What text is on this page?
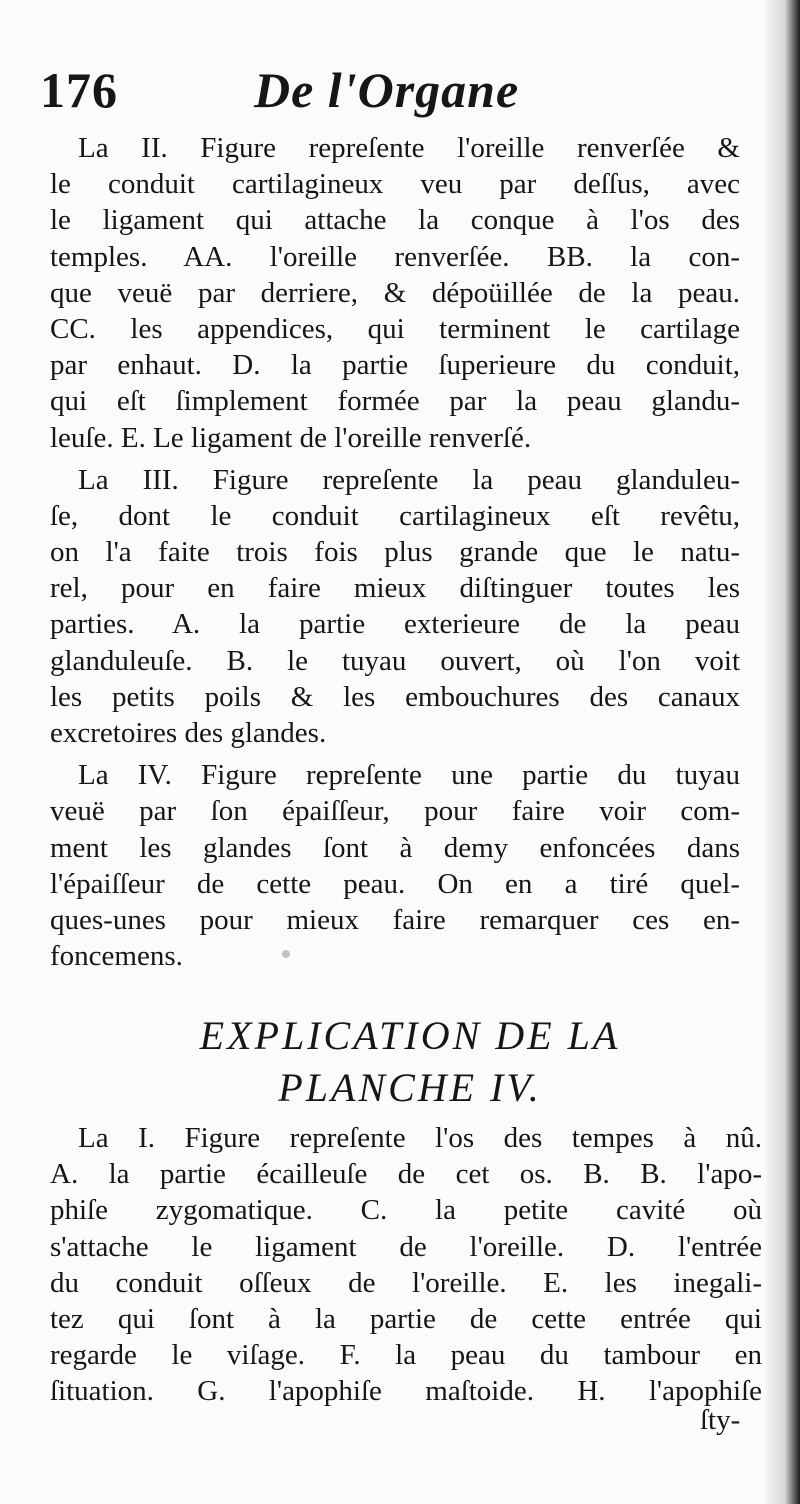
176	De l'Organe
La II. Figure repreſente l'oreille renverſée &
le conduit cartilagineux veu par deſſus, avec
le ligament qui attache la conque à l'os des
temples. AA. l'oreille renverſée. BB. la con-
que veuë par derriere, & dépoüillée de la peau.
CC. les appendices, qui terminent le cartilage
par enhaut. D. la partie ſuperieure du conduit,
qui eſt ſimplement formée par la peau glandu-
leuſe. E. Le ligament de l'oreille renverſé.
La III. Figure repreſente la peau glanduleu-
ſe, dont le conduit cartilagineux eſt revêtu,
on l'a faite trois fois plus grande que le natu-
rel, pour en faire mieux diſtinguer toutes les
parties. A. la partie exterieure de la peau
glanduleuſe. B. le tuyau ouvert, où l'on voit
les petits poils & les embouchures des canaux
excretoires des glandes.
La IV. Figure repreſente une partie du tuyau
veuë par ſon épaiſſeur, pour faire voir com-
ment les glandes ſont à demy enfoncées dans
l'épaiſſeur de cette peau. On en a tiré quel-
ques-unes pour mieux faire remarquer ces en-
foncemens.
EXPLICATION DE LA
PLANCHE IV.
La I. Figure repreſente l'os des tempes à nû.
A. la partie écailleuſe de cet os. B. B. l'apo-
phiſe zygomatique. C. la petite cavité où
s'attache le ligament de l'oreille. D. l'entrée
du conduit oſſeux de l'oreille. E. les inegali-
tez qui ſont à la partie de cette entrée qui
regarde le viſage. F. la peau du tambour en
ſituation. G. l'apophiſe maſtoide. H. l'apophiſe
ſty-
